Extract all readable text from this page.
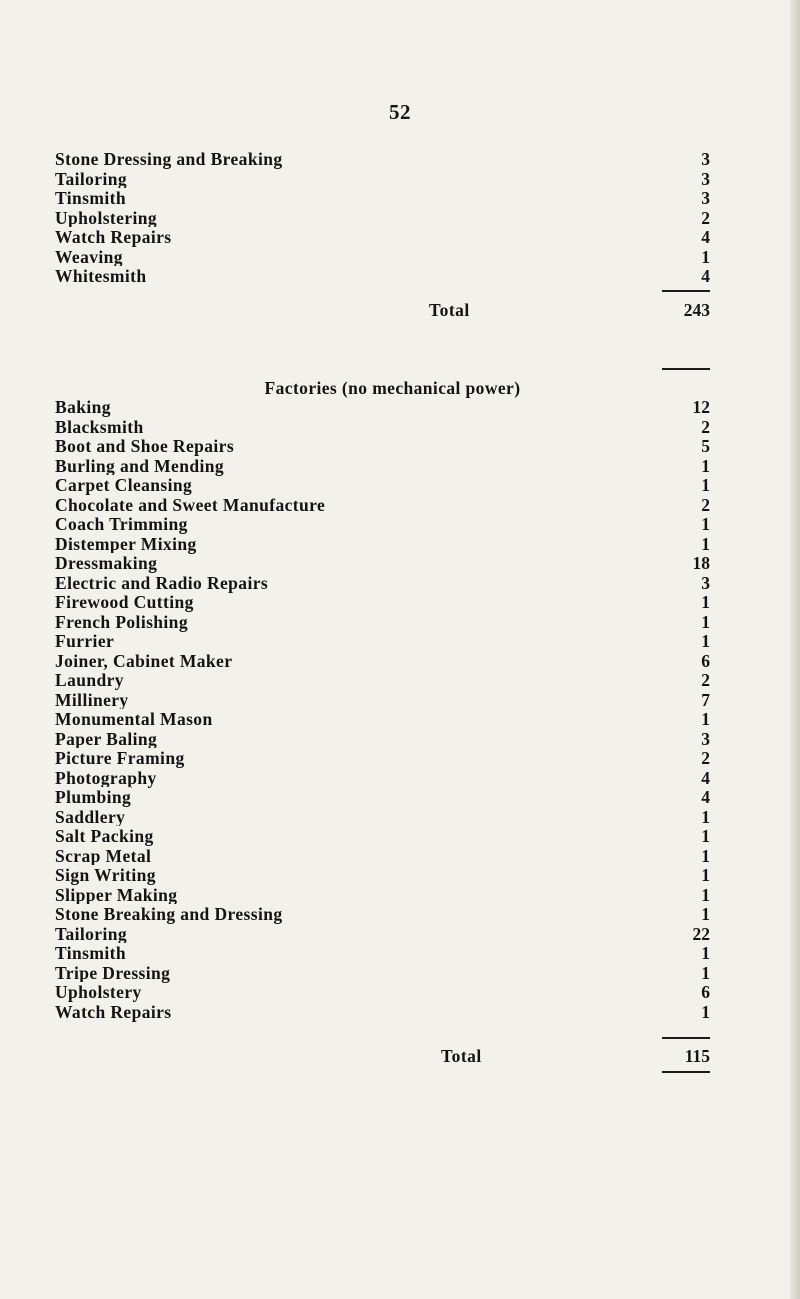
52
Stone Dressing and Breaking	3
Tailoring	3
Tinsmith	3
Upholstering	2
Watch Repairs	4
Weaving	1
Whitesmith	4
Total	243
Factories (no mechanical power)
Baking	12
Blacksmith	2
Boot and Shoe Repairs	5
Burling and Mending	1
Carpet Cleansing	1
Chocolate and Sweet Manufacture	2
Coach Trimming	1
Distemper Mixing	1
Dressmaking	18
Electric and Radio Repairs	3
Firewood Cutting	1
French Polishing	1
Furrier	1
Joiner, Cabinet Maker	6
Laundry	2
Millinery	7
Monumental Mason	1
Paper Baling	3
Picture Framing	2
Photography	4
Plumbing	4
Saddlery	1
Salt Packing	1
Scrap Metal	1
Sign Writing	1
Slipper Making	1
Stone Breaking and Dressing	1
Tailoring	22
Tinsmith	1
Tripe Dressing	1
Upholstery	6
Watch Repairs	1
Total	115
